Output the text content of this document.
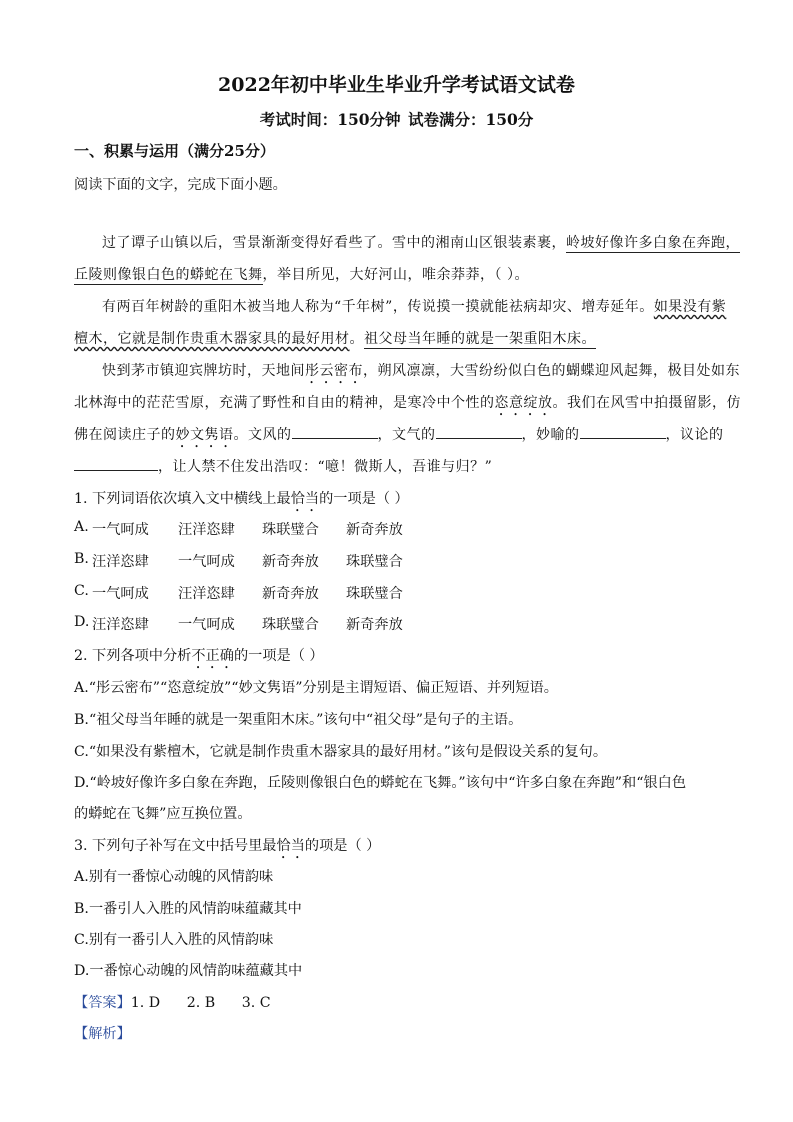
2022年初中毕业生毕业升学考试语文试卷
考试时间：150分钟 试卷满分：150分
一、积累与运用（满分25分）
阅读下面的文字，完成下面小题。
过了谭子山镇以后，雪景渐渐变得好看些了。雪中的湘南山区银装素裹，岭坡好像许多白象在奔跑，
丘陵则像银白色的蟒蛇在飞舞，举目所见，大好河山，唯余莽莽，（ ）。
有两百年树龄的重阳木被当地人称为“千年树”，传说摸一摸就能祛病却灾、增寿延年。如果没有紫
檀木，它就是制作贵重木器家具的最好用材。祖父母当年睡的就是一架重阳木床。
快到茅市镇迎宾牌坊时，天地间彤云密布，朔风凛凛，大雪纷纷似白色的蝴蝶迎风起舞，极目处如东
北林海中的茫茫雪原，充满了野性和自由的精神，是寒冷中个性的恣意绽放。我们在风雪中拍摄留影，仿
佛在阅读庄子的妙文隽语。文风的	，文气的	，妙喻的	，议论的
，让人禁不住发出浩叹：“噫！微斯人，吾谁与归？”
1. 下列词语依次填入文中横线上最恰当的一项是（ ）
A. 一气呵成 汪洋恣肆 珠联璧合 新奇奔放
B. 汪洋恣肆 一气呵成 新奇奔放 珠联璧合
C. 一气呵成 汪洋恣肆 新奇奔放 珠联璧合
D. 汪洋恣肆 一气呵成 珠联璧合 新奇奔放
2. 下列各项中分析不正确的一项是（ ）
A.“彤云密布”“恣意绽放”“妙文隽语”分别是主谓短语、偏正短语、并列短语。
B.“祖父母当年睡的就是一架重阳木床。”该句中“祖父母”是句子的主语。
C.“如果没有紫檀木，它就是制作贵重木器家具的最好用材。”该句是假设关系的复句。
D.“岭坡好像许多白象在奔跑，丘陵则像银白色的蟒蛇在飞舞。”该句中“许多白象在奔跑”和“银白色
的蟒蛇在飞舞”应互换位置。
3. 下列句子补写在文中括号里最恰当的项是（ ）
A.别有一番惊心动魄的风情韵味
B.一番引人入胜的风情韵味蕴藏其中
C.别有一番引人入胜的风情韵味
D.一番惊心动魄的风情韵味蕴藏其中
【答案】1. D 2. B 3. C
【解析】
